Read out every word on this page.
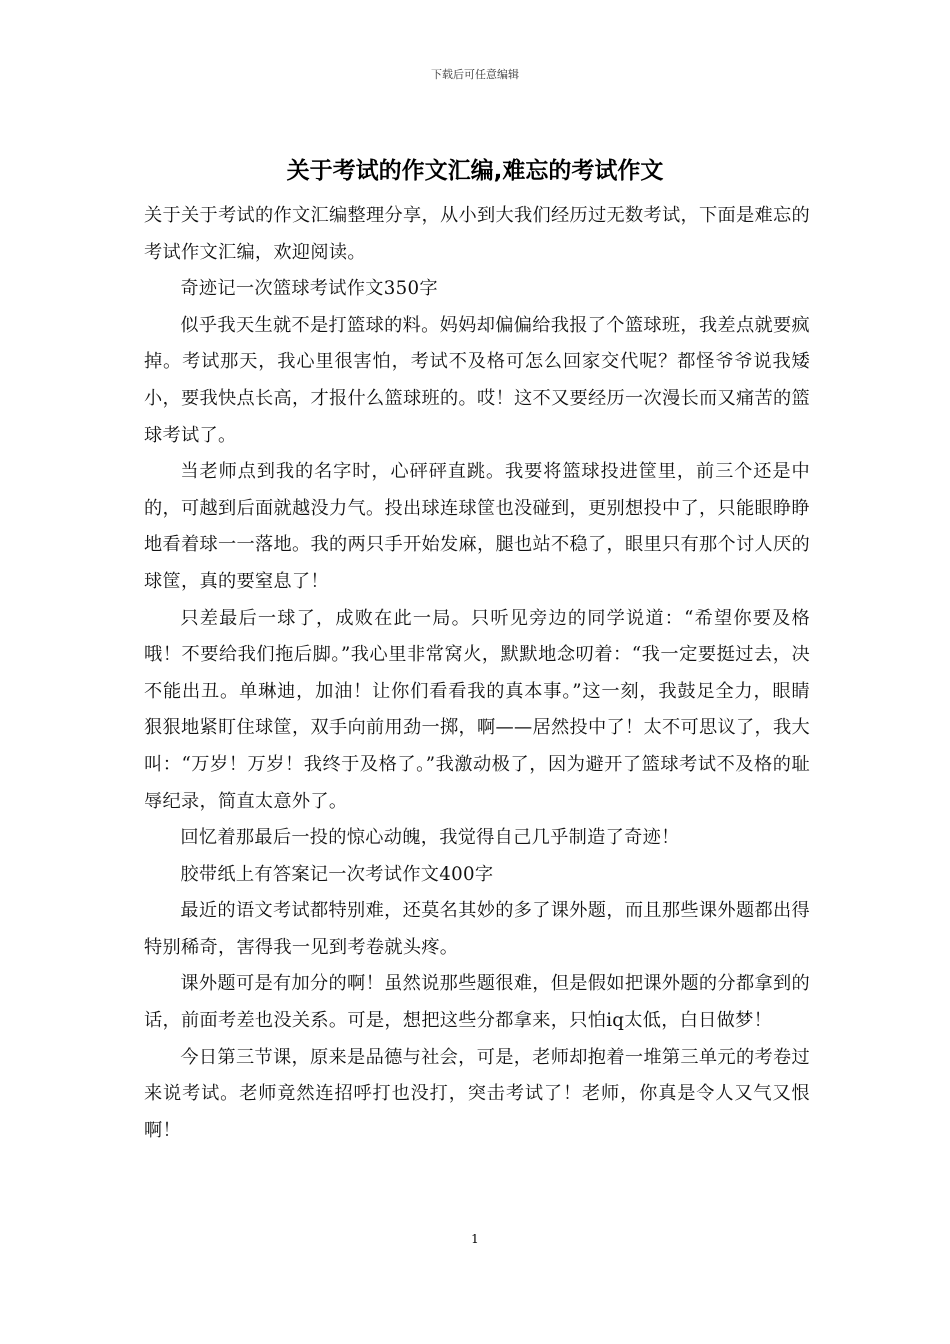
下载后可任意编辑
关于考试的作文汇编,难忘的考试作文

关于关于考试的作文汇编整理分享，从小到大我们经历过无数考试，下面是难忘的考试作文汇编，欢迎阅读。

奇迹记一次篮球考试作文350字

似乎我天生就不是打篮球的料。妈妈却偏偏给我报了个篮球班，我差点就要疯掉。考试那天，我心里很害怕，考试不及格可怎么回家交代呢？都怪爷爷说我矮小，要我快点长高，才报什么篮球班的。哎！这不又要经历一次漫长而又痛苦的篮球考试了。

当老师点到我的名字时，心砰砰直跳。我要将篮球投进筐里，前三个还是中的，可越到后面就越没力气。投出球连球筐也没碰到，更别想投中了，只能眼睁睁地看着球一一落地。我的两只手开始发麻，腿也站不稳了，眼里只有那个讨人厌的球筐，真的要窒息了！

只差最后一球了，成败在此一局。只听见旁边的同学说道：“希望你要及格哦！不要给我们拖后脚。”我心里非常窝火，默默地念叨着：“我一定要挺过去，决不能出丑。单琳迪，加油！让你们看看我的真本事。”这一刻，我鼓足全力，眼睛狠狠地紧盯住球筐，双手向前用劲一掷，啊——居然投中了！太不可思议了，我大叫：“万岁！万岁！我终于及格了。”我激动极了，因为避开了篮球考试不及格的耻辱纪录，简直太意外了。

回忆着那最后一投的惊心动魄，我觉得自己几乎制造了奇迹！

胶带纸上有答案记一次考试作文400字

最近的语文考试都特别难，还莫名其妙的多了课外题，而且那些课外题都出得特别稀奇，害得我一见到考卷就头疼。

课外题可是有加分的啊！虽然说那些题很难，但是假如把课外题的分都拿到的话，前面考差也没关系。可是，想把这些分都拿来，只怕iq太低，白日做梦！

今日第三节课，原来是品德与社会，可是，老师却抱着一堆第三单元的考卷过来说考试。老师竟然连招呼打也没打，突击考试了！老师，你真是令人又气又恨啊！

1
